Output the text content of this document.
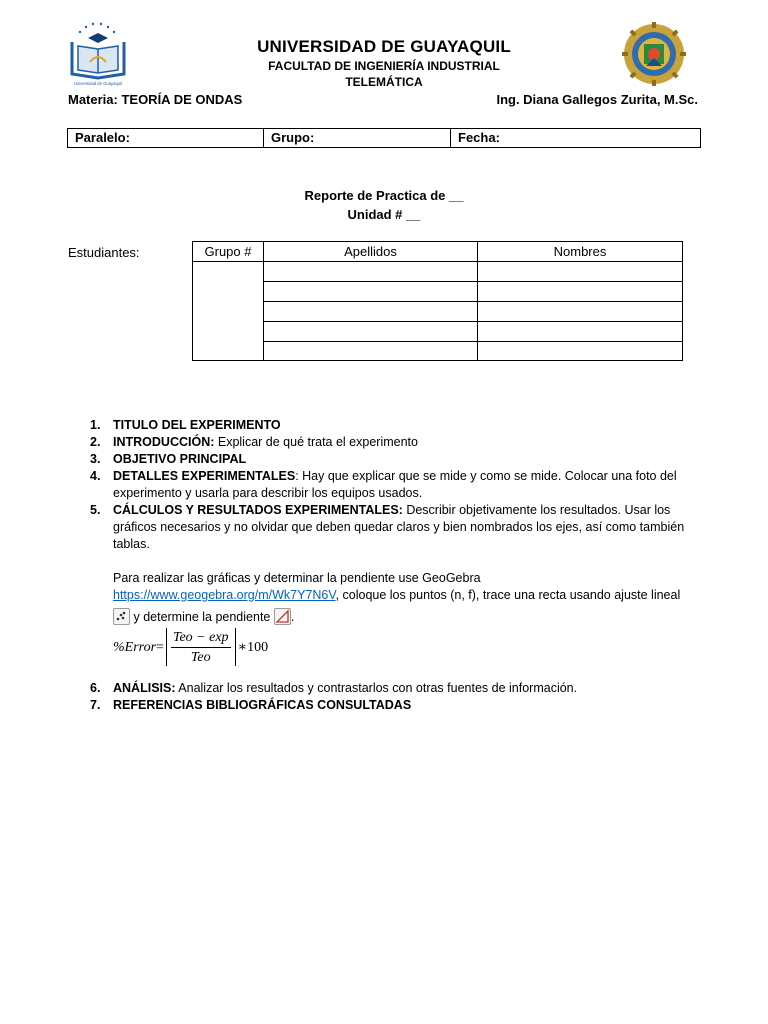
Universidad de Guayaquil
UNIVERSIDAD DE GUAYAQUIL
FACULTAD DE INGENIERÍA INDUSTRIAL
TELEMÁTICA
Materia: TEORÍA DE ONDAS	Ing. Diana Gallegos Zurita, M.Sc.
Paralelo:	Grupo:	Fecha:
Reporte de Practica de __
Unidad # __
Estudiantes:	Grupo #	Apellidos	Nombres

1.	TITULO DEL EXPERIMENTO
2.	INTRODUCCIÓN: Explicar de qué trata el experimento
3.	OBJETIVO PRINCIPAL
4.	DETALLES EXPERIMENTALES: Hay que explicar que se mide y como se mide. Colocar una foto del experimento y usarla para describir los equipos usados.
5.	CÁLCULOS Y RESULTADOS EXPERIMENTALES: Describir objetivamente los resultados. Usar los gráficos necesarios y no olvidar que deben quedar claros y bien nombrados los ejes, así como también tablas.
Para realizar las gráficas y determinar la pendiente use GeoGebra
https://www.geogebra.org/m/Wk7Y7N6V, coloque los puntos (n, f), trace una recta usando ajuste lineal
y determine la pendiente .
%Error = $\frac{\text{Teo − exp}}{\text{Teo}}$ ∗100
6.	ANÁLISIS: Analizar los resultados y contrastarlos con otras fuentes de información.
7.	REFERENCIAS BIBLIOGRÁFICAS CONSULTADAS
